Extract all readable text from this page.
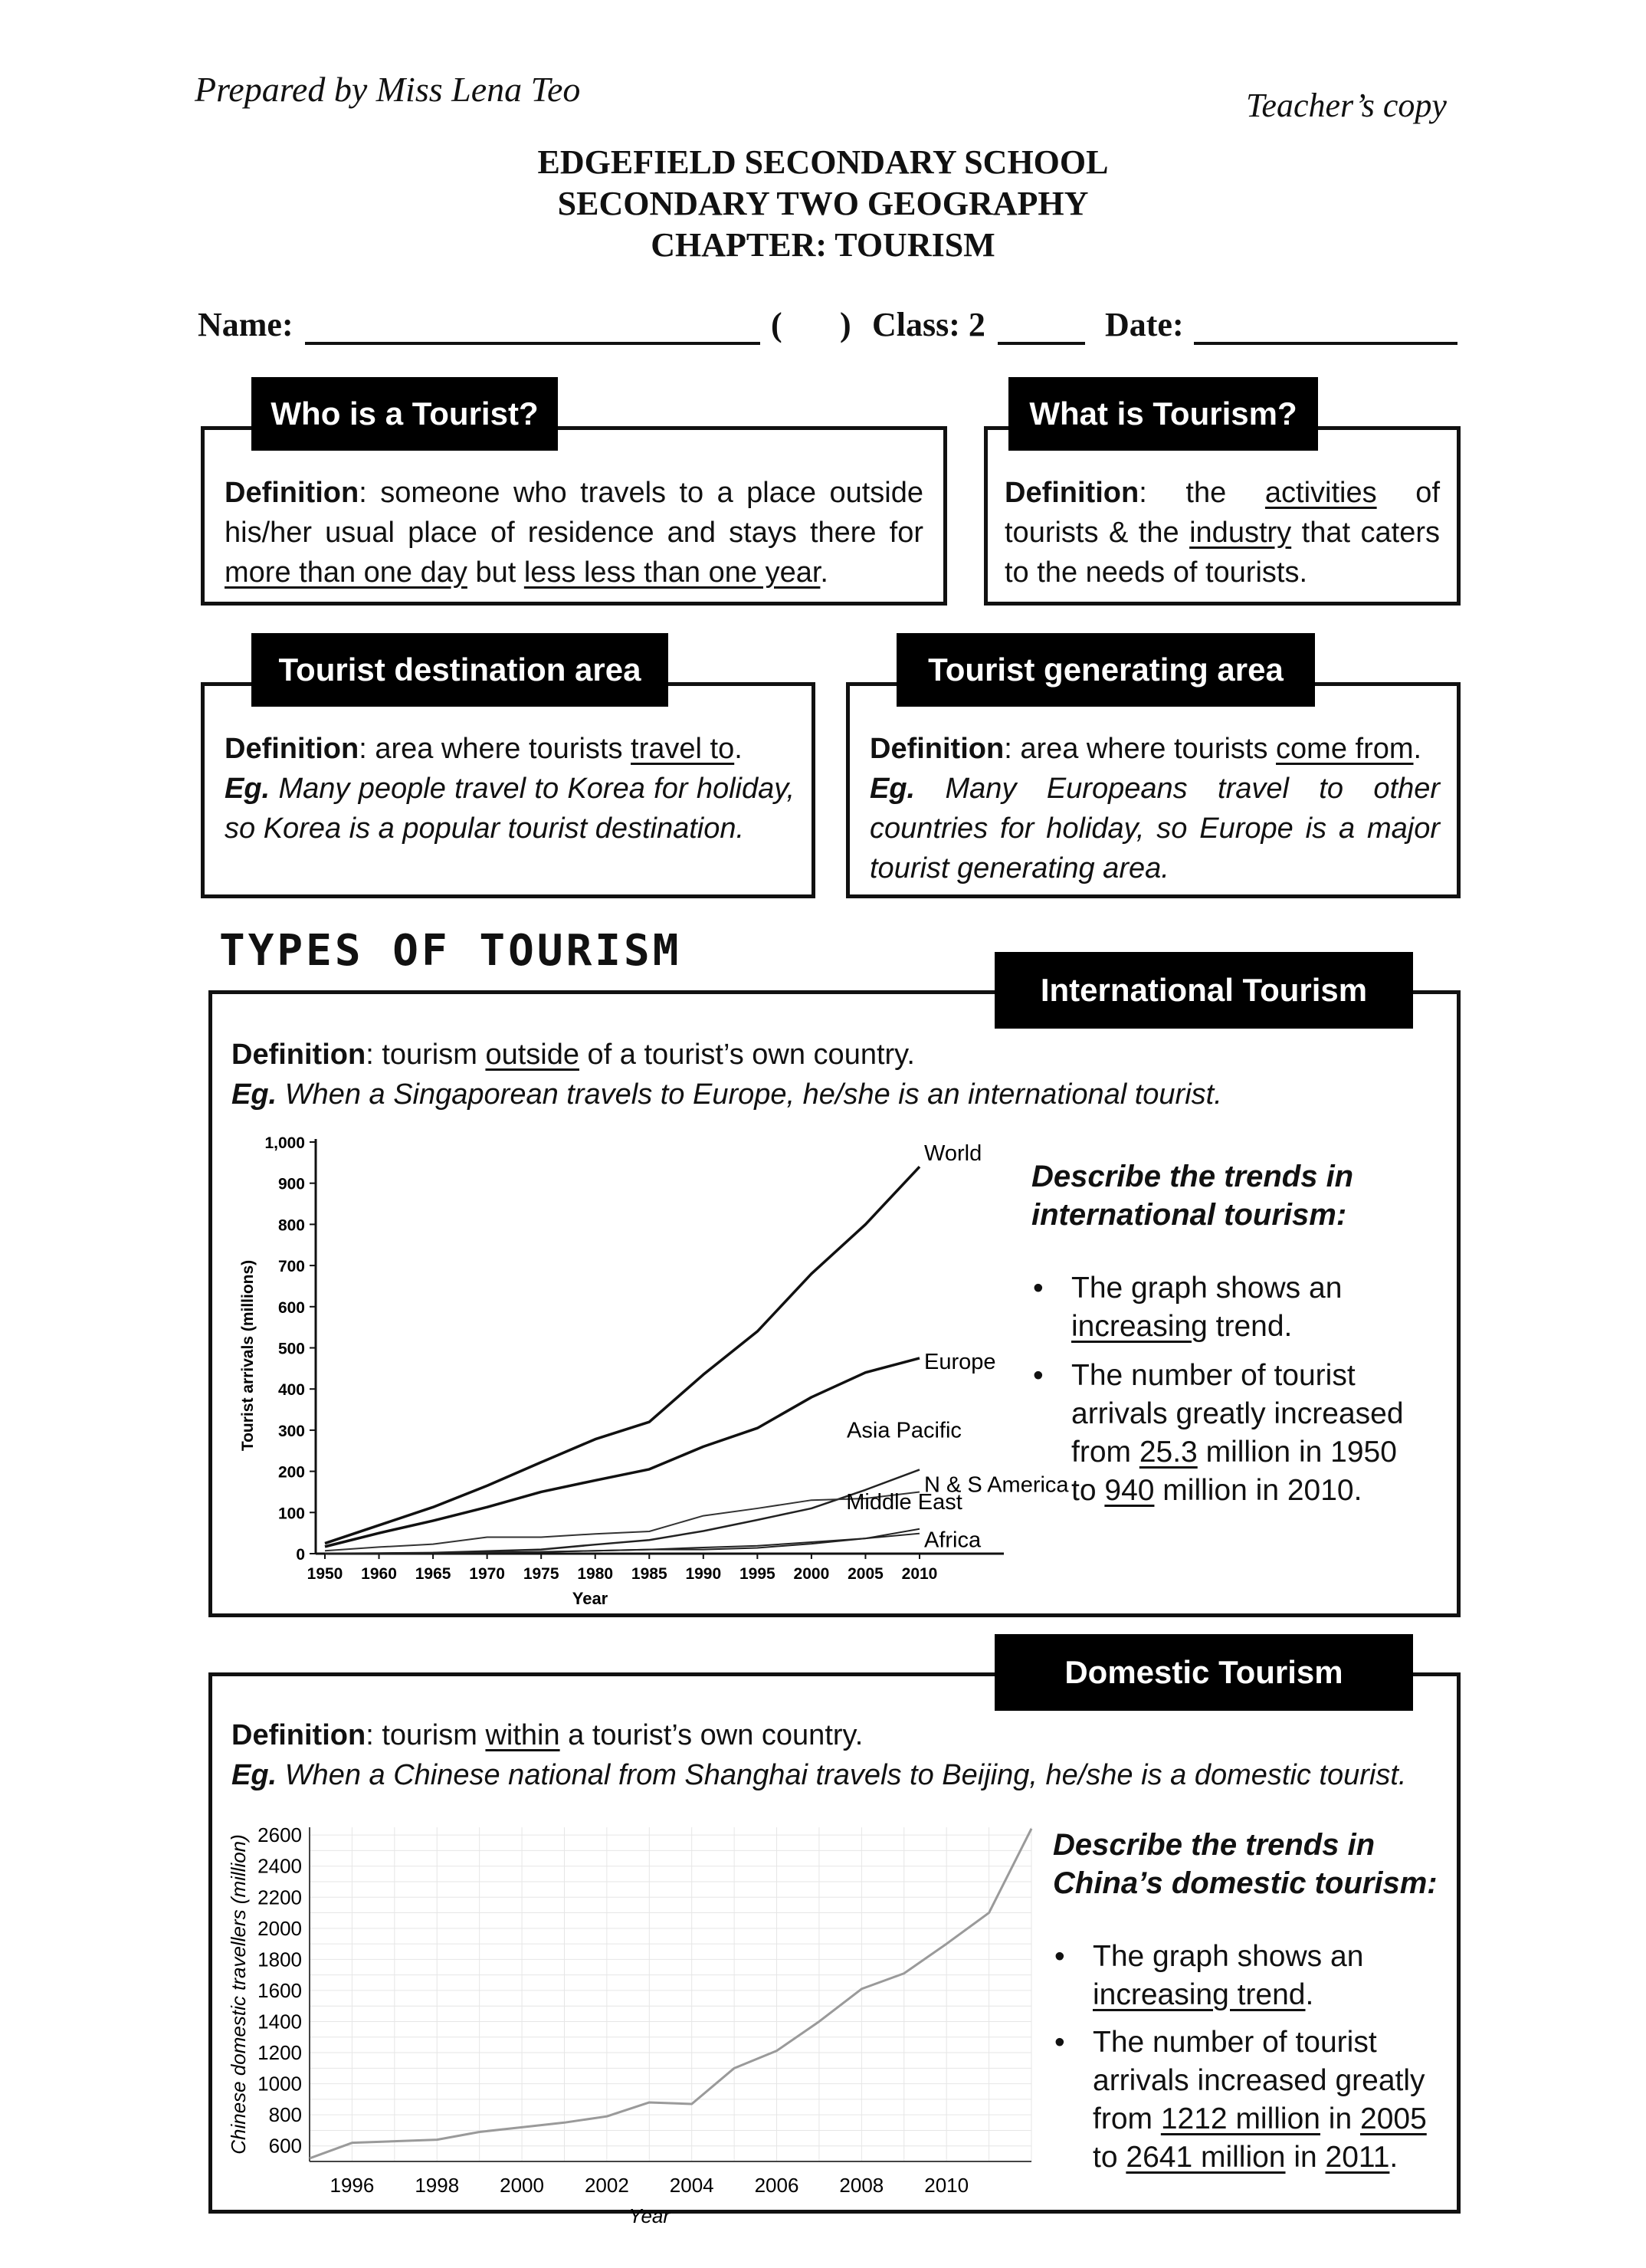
Prepared by Miss Lena Teo	Teacher’s copy
EDGEFIELD SECONDARY SCHOOL
SECONDARY TWO GEOGRAPHY
CHAPTER: TOURISM
Name:	( ) Class: 2	Date:
Definition: someone who travels to a place outside his/her usual place of residence and stays there for more than one day but less less than one year.
Who is a Tourist?
Definition: the activities of tourists & the industry that caters to the needs of tourists.
What is Tourism?
Definition: area where tourists travel to.
Eg. Many people travel to Korea for holiday, so Korea is a popular tourist destination.
Tourist destination area
Definition: area where tourists come from.
Eg. Many Europeans travel to other countries for holiday, so Europe is a major tourist generating area.
Tourist generating area
TYPES OF TOURISM
International Tourism
Definition: tourism outside of a tourist’s own country.
Eg. When a Singaporean travels to Europe, he/she is an international tourist.
0
100
200
300
400
500
600
700
800
900
1,000
1950 1960 1965 1970 1975 1980 1985 1990 1995 2000 2005 2010
Year
Tourist arrivals (millions)
World
Europe
Asia Pacific
N & S America
Middle East
Africa
Describe the trends in
international tourism:
• The graph shows an
increasing trend.
• The number of tourist
arrivals greatly increased
from 25.3 million in 1950
to 940 million in 2010.
Domestic Tourism
Definition: tourism within a tourist’s own country.
Eg. When a Chinese national from Shanghai travels to Beijing, he/she is a domestic tourist.
600
800
1000
1200
1400
1600
1800
2000
2200
2400
2600
1996 1998 2000 2002 2004 2006 2008 2010
Year
Chinese domestic travellers (million)	Describe the trends in
China’s domestic tourism:
• The graph shows an
increasing trend.
• The number of tourist
arrivals increased greatly
from 1212 million in 2005
to 2641 million in 2011.
